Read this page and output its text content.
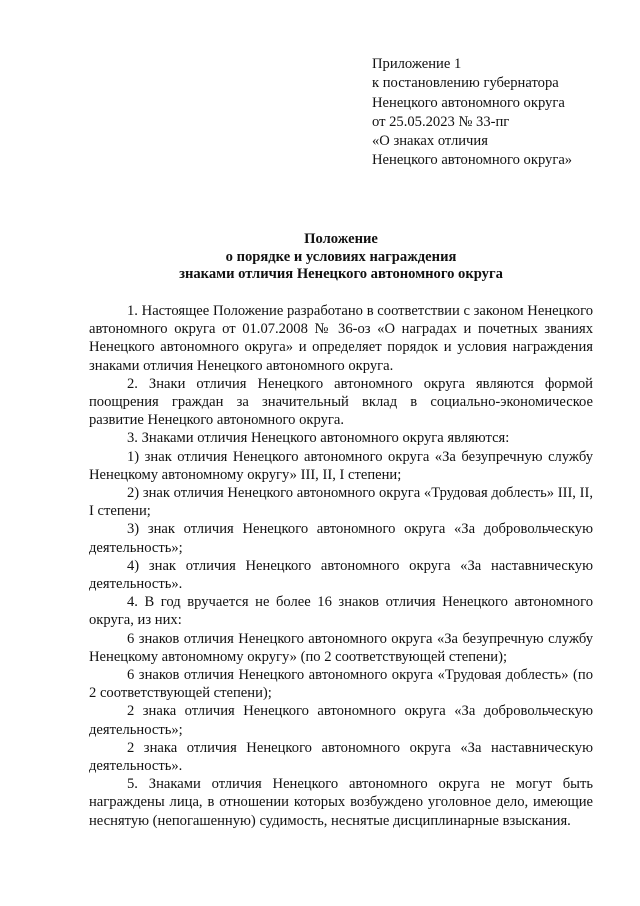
Приложение 1
к постановлению губернатора
Ненецкого автономного округа
от 25.05.2023 № 33-пг
«О знаках отличия
Ненецкого автономного округа»
Положение
о порядке и условиях награждения
знаками отличия Ненецкого автономного округа

1. Настоящее Положение разработано в соответствии с законом Ненецкого автономного округа от 01.07.2008 № 36-оз «О наградах и почетных званиях Ненецкого автономного округа» и определяет порядок и условия награждения знаками отличия Ненецкого автономного округа.

2. Знаки отличия Ненецкого автономного округа являются формой поощрения граждан за значительный вклад в социально-экономическое развитие Ненецкого автономного округа.

3. Знаками отличия Ненецкого автономного округа являются:

1) знак отличия Ненецкого автономного округа «За безупречную службу Ненецкому автономному округу» III, II, I степени;

2) знак отличия Ненецкого автономного округа «Трудовая доблесть» III, II, I степени;

3) знак отличия Ненецкого автономного округа «За добровольческую деятельность»;

4) знак отличия Ненецкого автономного округа «За наставническую деятельность».

4. В год вручается не более 16 знаков отличия Ненецкого автономного округа, из них:

6 знаков отличия Ненецкого автономного округа «За безупречную службу Ненецкому автономному округу» (по 2 соответствующей степени);

6 знаков отличия Ненецкого автономного округа «Трудовая доблесть» (по 2 соответствующей степени);

2 знака отличия Ненецкого автономного округа «За добровольческую деятельность»;

2 знака отличия Ненецкого автономного округа «За наставническую деятельность».

5. Знаками отличия Ненецкого автономного округа не могут быть награждены лица, в отношении которых возбуждено уголовное дело, имеющие неснятую (непогашенную) судимость, неснятые дисциплинарные взыскания.
